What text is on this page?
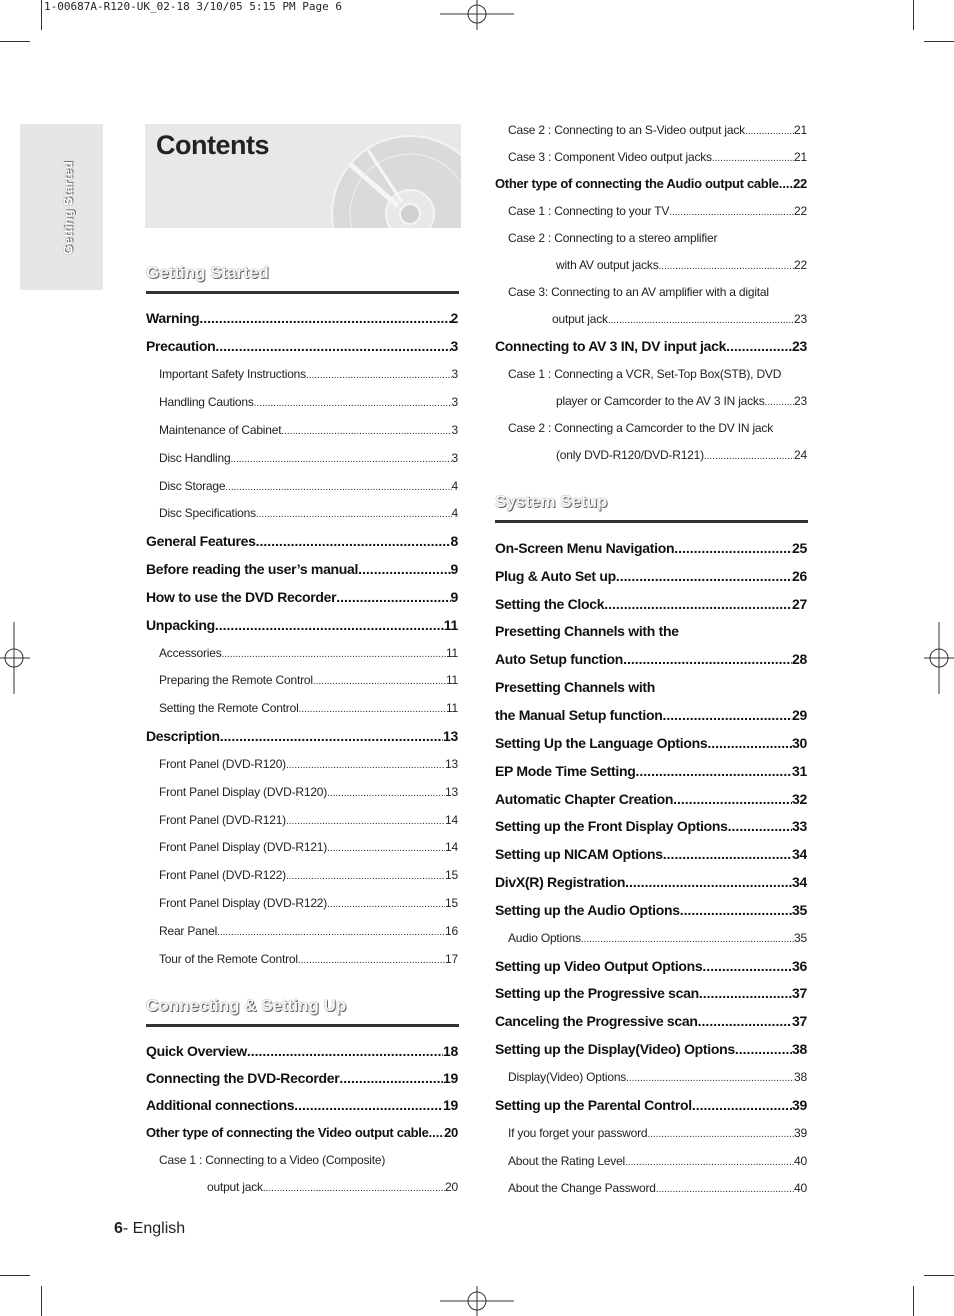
1-00687A-R120-UK_02-18 3/10/05 5:15 PM Page 6
Getting Started
Contents
Getting Started
Warning .....	2
Precaution .....	3
Important Safety Instructions .....	3
Handling Cautions .....	3
Maintenance of Cabinet .....	3
Disc Handling .....	3
Disc Storage .....	4
Disc Specifications .....	4
General Features .....	8
Before reading the user’s manual .....	9
How to use the DVD Recorder .....	9
Unpacking .....	11
Accessories .....	11
Preparing the Remote Control .....	11
Setting the Remote Control .....	11
Description .....	13
Front Panel (DVD-R120) .....	13
Front Panel Display (DVD-R120) .....	13
Front Panel (DVD-R121) .....	14
Front Panel Display (DVD-R121) .....	14
Front Panel (DVD-R122) .....	15
Front Panel Display (DVD-R122) .....	15
Rear Panel .....	16
Tour of the Remote Control .....	17
Connecting & Setting Up
Quick Overview .....	18
Connecting the DVD-Recorder .....	19
Additional connections .....	19
Other type of connecting the Video output cable ..... 20
Case 1 : Connecting to a Video (Composite)
output jack .....	20
Case 2 : Connecting to an S-Video output jack .....	21
Case 3 : Component Video output jacks .....	21
Other type of connecting the Audio output cable ..... 22
Case 1 : Connecting to your TV .....	22
Case 2 : Connecting to a stereo amplifier
with AV output jacks .....	22
Case 3: Connecting to an AV amplifier with a digital
output jack .....	23
Connecting to AV 3 IN, DV input jack .....	23
Case 1 : Connecting a VCR, Set-Top Box(STB), DVD
player or Camcorder to the AV 3 IN jacks ..... 23
Case 2 : Connecting a Camcorder to the DV IN jack
(only DVD-R120/DVD-R121) .....	24
System Setup
On-Screen Menu Navigation .....	25
Plug & Auto Set up .....	26
Setting the Clock .....	27
Presetting Channels with the
Auto Setup function .....	28
Presetting Channels with
the Manual Setup function .....	29
Setting Up the Language Options .....	30
EP Mode Time Setting .....	31
Automatic Chapter Creation .....	32
Setting up the Front Display Options .....	33
Setting up NICAM Options .....	34
DivX(R) Registration .....	34
Setting up the Audio Options .....	35
Audio Options .....	35
Setting up Video Output Options .....	36
Setting up the Progressive scan .....	37
Canceling the Progressive scan .....	37
Setting up the Display(Video) Options .....	38
Display(Video) Options .....	38
Setting up the Parental Control .....	39
If you forget your password .....	39
About the Rating Level .....	40
About the Change Password .....	40
6- English
